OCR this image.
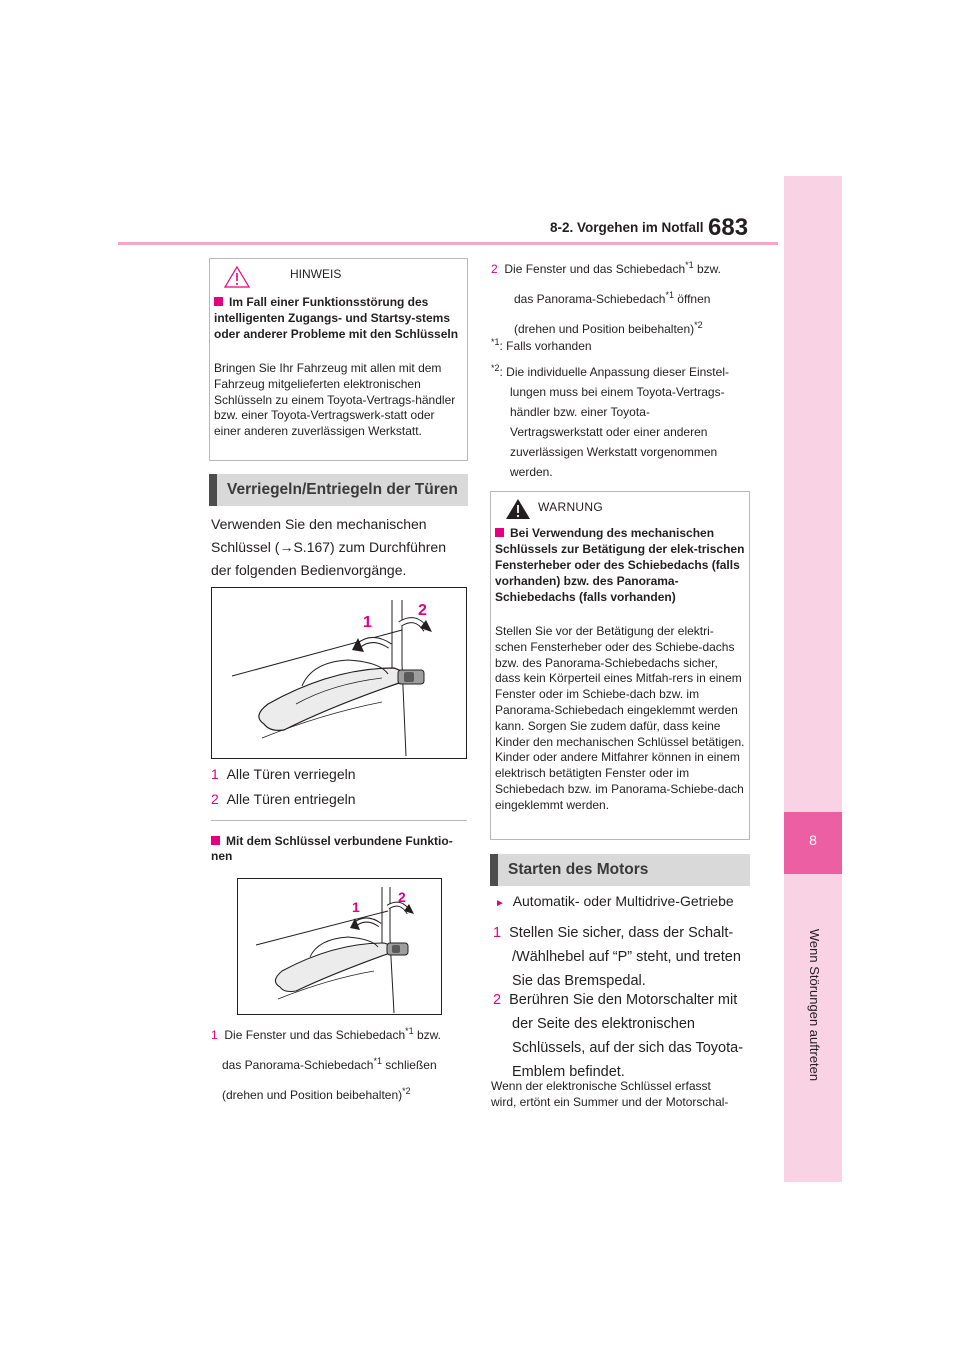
8-2. Vorgehen im Notfall 683
8
Wenn Störungen auftreten
HINWEIS
Im Fall einer Funktionsstörung des intelligenten Zugangs- und Startsy-stems oder anderer Probleme mit den Schlüsseln
Bringen Sie Ihr Fahrzeug mit allen mit dem Fahrzeug mitgelieferten elektronischen Schlüsseln zu einem Toyota-Vertrags-händler bzw. einer Toyota-Vertragswerk-statt oder einer anderen zuverlässigen Werkstatt.
Verriegeln/Entriegeln der Türen
Verwenden Sie den mechanischen
Schlüssel (→S.167) zum Durchführen
der folgenden Bedienvorgänge.
1
2
1 Alle Türen verriegeln
2 Alle Türen entriegeln
Mit dem Schlüssel verbundene Funktio-nen
1
2
1 Die Fenster und das Schiebedach$^{*1}$ bzw.
das Panorama-Schiebedach$^{*1}$ schließen
(drehen und Position beibehalten)$^{*2}$
2 Die Fenster und das Schiebedach$^{*1}$ bzw.
das Panorama-Schiebedach$^{*1}$ öffnen
(drehen und Position beibehalten)$^{*2}$
$^{*1}$: Falls vorhanden
$^{*2}$: Die individuelle Anpassung dieser Einstel-
lungen muss bei einem Toyota-Vertrags-
händler bzw. einer Toyota-
Vertragswerkstatt oder einer anderen
zuverlässigen Werkstatt vorgenommen
werden.
WARNUNG
Bei Verwendung des mechanischen Schlüssels zur Betätigung der elek-trischen Fensterheber oder des Schiebedachs (falls vorhanden) bzw. des Panorama-Schiebedachs (falls vorhanden)
Stellen Sie vor der Betätigung der elektri-schen Fensterheber oder des Schiebe-dachs bzw. des Panorama-Schiebedachs sicher, dass kein Körperteil eines Mitfah-rers in einem Fenster oder im Schiebe-dach bzw. im Panorama-Schiebedach eingeklemmt werden kann. Sorgen Sie zudem dafür, dass keine Kinder den mechanischen Schlüssel betätigen. Kinder oder andere Mitfahrer können in einem elektrisch betätigten Fenster oder im Schiebedach bzw. im Panorama-Schiebe-dach eingeklemmt werden.
Starten des Motors
► Automatik- oder Multidrive-Getriebe
1 Stellen Sie sicher, dass der Schalt-
/Wählhebel auf “P” steht, und treten
Sie das Bremspedal.
2 Berühren Sie den Motorschalter mit
der Seite des elektronischen
Schlüssels, auf der sich das Toyota-
Emblem befindet.
Wenn der elektronische Schlüssel erfasst
wird, ertönt ein Summer und der Motorschal-
